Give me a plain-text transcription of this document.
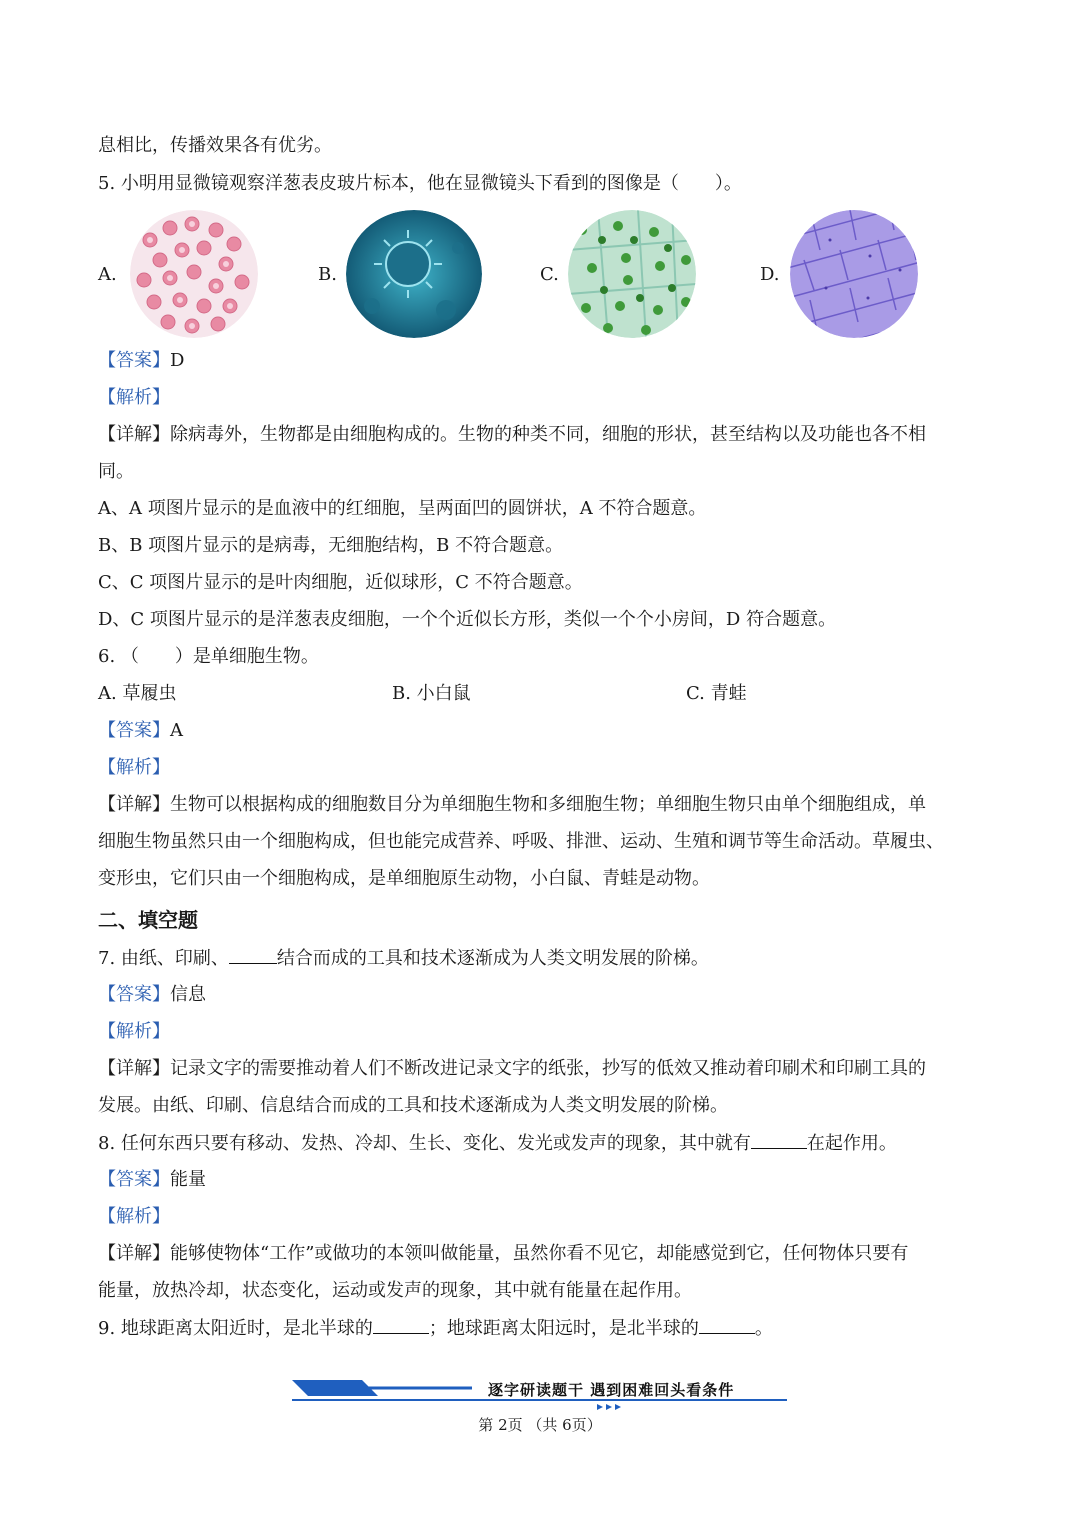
息相比，传播效果各有优劣。
5. 小明用显微镜观察洋葱表皮玻片标本，他在显微镜头下看到的图像是（　　）。
A.	B.	C.	D.
【答案】D
【解析】
【详解】除病毒外，生物都是由细胞构成的。生物的种类不同，细胞的形状，甚至结构以及功能也各不相
同。
A、A 项图片显示的是血液中的红细胞，呈两面凹的圆饼状，A 不符合题意。
B、B 项图片显示的是病毒，无细胞结构，B 不符合题意。
C、C 项图片显示的是叶肉细胞，近似球形，C 不符合题意。
D、C 项图片显示的是洋葱表皮细胞，一个个近似长方形，类似一个个小房间，D 符合题意。
6. （　　）是单细胞生物。
A. 草履虫	B. 小白鼠	C. 青蛙
【答案】A
【解析】
【详解】生物可以根据构成的细胞数目分为单细胞生物和多细胞生物；单细胞生物只由单个细胞组成，单
细胞生物虽然只由一个细胞构成，但也能完成营养、呼吸、排泄、运动、生殖和调节等生命活动。草履虫、
变形虫，它们只由一个细胞构成，是单细胞原生动物，小白鼠、青蛙是动物。
二、填空题
7. 由纸、印刷、	结合而成的工具和技术逐渐成为人类文明发展的阶梯。
【答案】信息
【解析】
【详解】记录文字的需要推动着人们不断改进记录文字的纸张，抄写的低效又推动着印刷术和印刷工具的
发展。由纸、印刷、信息结合而成的工具和技术逐渐成为人类文明发展的阶梯。
8. 任何东西只要有移动、发热、冷却、生长、变化、发光或发声的现象，其中就有	在起作用。
【答案】能量
【解析】
【详解】能够使物体“工作”或做功的本领叫做能量，虽然你看不见它，却能感觉到它，任何物体只要有
能量，放热冷却，状态变化，运动或发声的现象，其中就有能量在起作用。
9. 地球距离太阳近时，是北半球的	；地球距离太阳远时，是北半球的	。
逐字研读题干 遇到困难回头看条件
第 2页 （共 6页）
